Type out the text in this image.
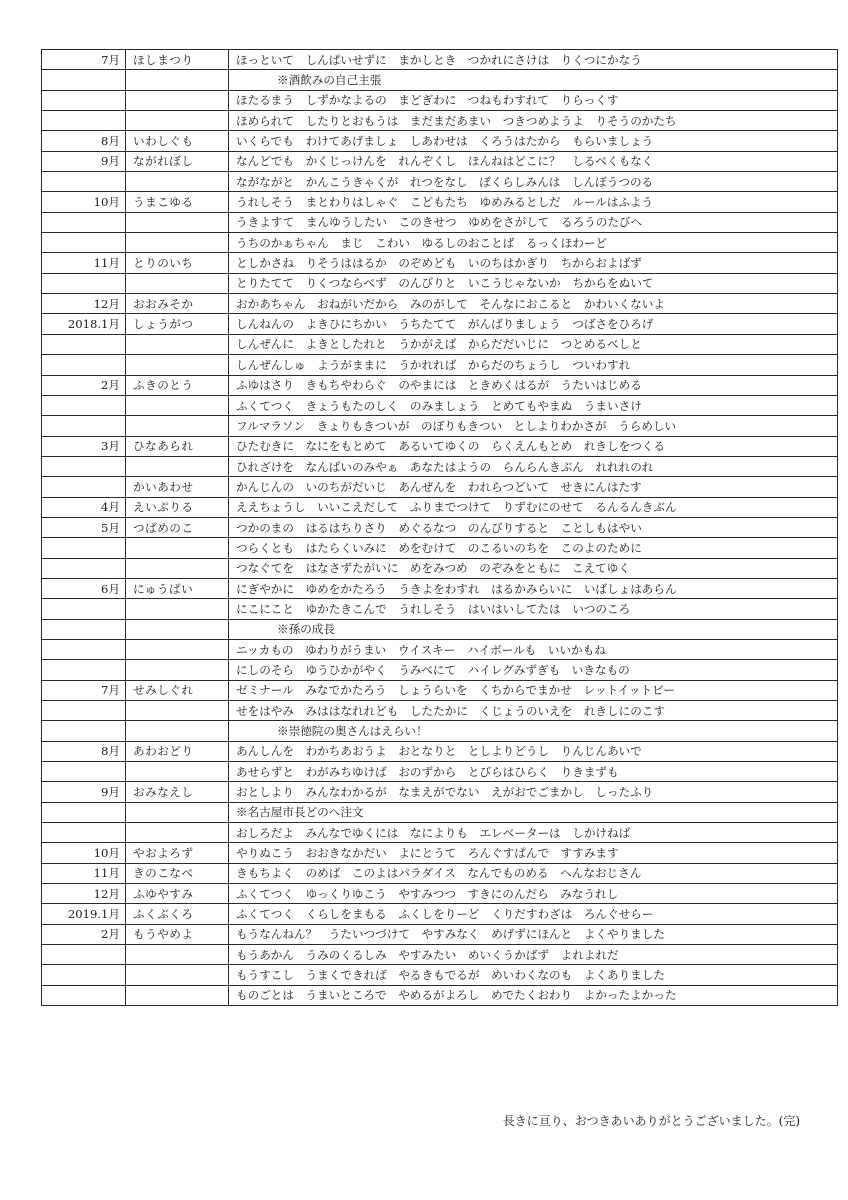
7月	ほしまつり	ほっといて　しんぱいせずに　まかしとき　つかれにさけは　りくつにかなう
		※酒飲みの自己主張
		ほたるまう　しずかなよるの　まどぎわに　つねもわすれて　りらっくす
		ほめられて　したりとおもうは　まだまだあまい　つきつめようよ　りそうのかたち
8月	いわしぐも	いくらでも　わけてあげましょ　しあわせは　くろうはたから　もらいましょう
9月	ながれぼし	なんどでも　かくじっけんを　れんぞくし　ほんねはどこに？　しるべくもなく
		ながながと　かんこうきゃくが　れつをなし　ぼくらしみんは　しんぼうつのる
10月	うまこゆる	うれしそう　まとわりはしゃぐ　こどもたち　ゆめみるとしだ　ルールはふよう
		うきよすて　まんゆうしたい　このきせつ　ゆめをさがして　るろうのたびへ
		うちのかぁちゃん　まじ　こわい　ゆるしのおことば　るっくほわーど
11月	とりのいち	としかさね　りそうははるか　のぞめども　いのちはかぎり　ちからおよばず
		とりたてて　りくつならべず　のんびりと　いこうじゃないか　ちからをぬいて
12月	おおみそか	おかあちゃん　おねがいだから　みのがして　そんなにおこると　かわいくないよ
2018.1月	しょうがつ	しんねんの　よきひにちかい　うちたてて　がんばりましょう　つばさをひろげ
		しんぜんに　よきとしたれと　うかがえば　からだだいじに　つとめるべしと
		しんぜんしゅ　ようがままに　うかれれば　からだのちょうし　ついわすれ
2月	ふきのとう	ふゆはさり　きもちやわらぐ　のやまには　ときめくはるが　うたいはじめる
		ふくてつく　きょうもたのしく　のみましょう　とめてもやまぬ　うまいさけ
		フルマラソン　きょりもきついが　のぼりもきつい　としよりわかさが　うらめしい
3月	ひなあられ	ひたむきに　なにをもとめて　あるいてゆくの　らくえんもとめ　れきしをつくる
		ひれざけを　なんばいのみやぁ　あなたはようの　らんらんきぶん　れれれのれ
	かいあわせ	かんじんの　いのちがだいじ　あんぜんを　われらつどいて　せきにんはたす
4月	えいぷりる	ええちょうし　いいこえだして　ふりまでつけて　りずむにのせて　るんるんきぶん
5月	つばめのこ	つかのまの　はるはちりさり　めぐるなつ　のんびりすると　ことしもはやい
		つらくとも　はたらくいみに　めをむけて　のこるいのちを　このよのために
		つなぐてを　はなさずたがいに　めをみつめ　のぞみをともに　こえてゆく
6月	にゅうばい	にぎやかに　ゆめをかたろう　うきよをわすれ　はるかみらいに　いばしょはあらん
		にこにこと　ゆかたきこんで　うれしそう　はいはいしてたは　いつのころ
		※孫の成長
		ニッカもの　ゆわりがうまい　ウイスキー　ハイボールも　いいかもね
		にしのそら　ゆうひかがやく　うみべにて　ハイレグみずぎも　いきなもの
7月	せみしぐれ	ゼミナール　みなでかたろう　しょうらいを　くちからでまかせ　レットイットビー
		せをはやみ　みははなれれども　したたかに　くじょうのいえを　れきしにのこす
		※崇徳院の奥さんはえらい！
8月	あわおどり	あんしんを　わかちあおうよ　おとなりと　としよりどうし　りんじんあいで
		あせらずと　わがみちゆけば　おのずから　とびらはひらく　りきまずも
9月	おみなえし	おとしより　みんなわかるが　なまえがでない　えがおでごまかし　しったふり
		※名古屋市長どのへ注文
		おしろだよ　みんなでゆくには　なによりも　エレベーターは　しかけねば
10月	やおよろず	やりぬこう　おおきなかだい　よにとうて　ろんぐすぱんで　すすみます
11月	きのこなべ	きもちよく　のめば　このよはパラダイス　なんでものめる　へんなおじさん
12月	ふゆやすみ	ふくてつく　ゆっくりゆこう　やすみつつ　すきにのんだら　みなうれし
2019.1月	ふくぶくろ	ふくてつく　くらしをまもる　ふくしをりーど　くりだすわざは　ろんぐせらー
2月	もうやめよ	もうなんねん？　うたいつづけて　やすみなく　めげずにほんと　よくやりました
		もうあかん　うみのくるしみ　やすみたい　めいくうかばず　よれよれだ
		もうすこし　うまくできれば　やるきもでるが　めいわくなのも　よくありました
		ものごとは　うまいところで　やめるがよろし　めでたくおわり　よかったよかった
長きに亘り、おつきあいありがとうございました。(完)
